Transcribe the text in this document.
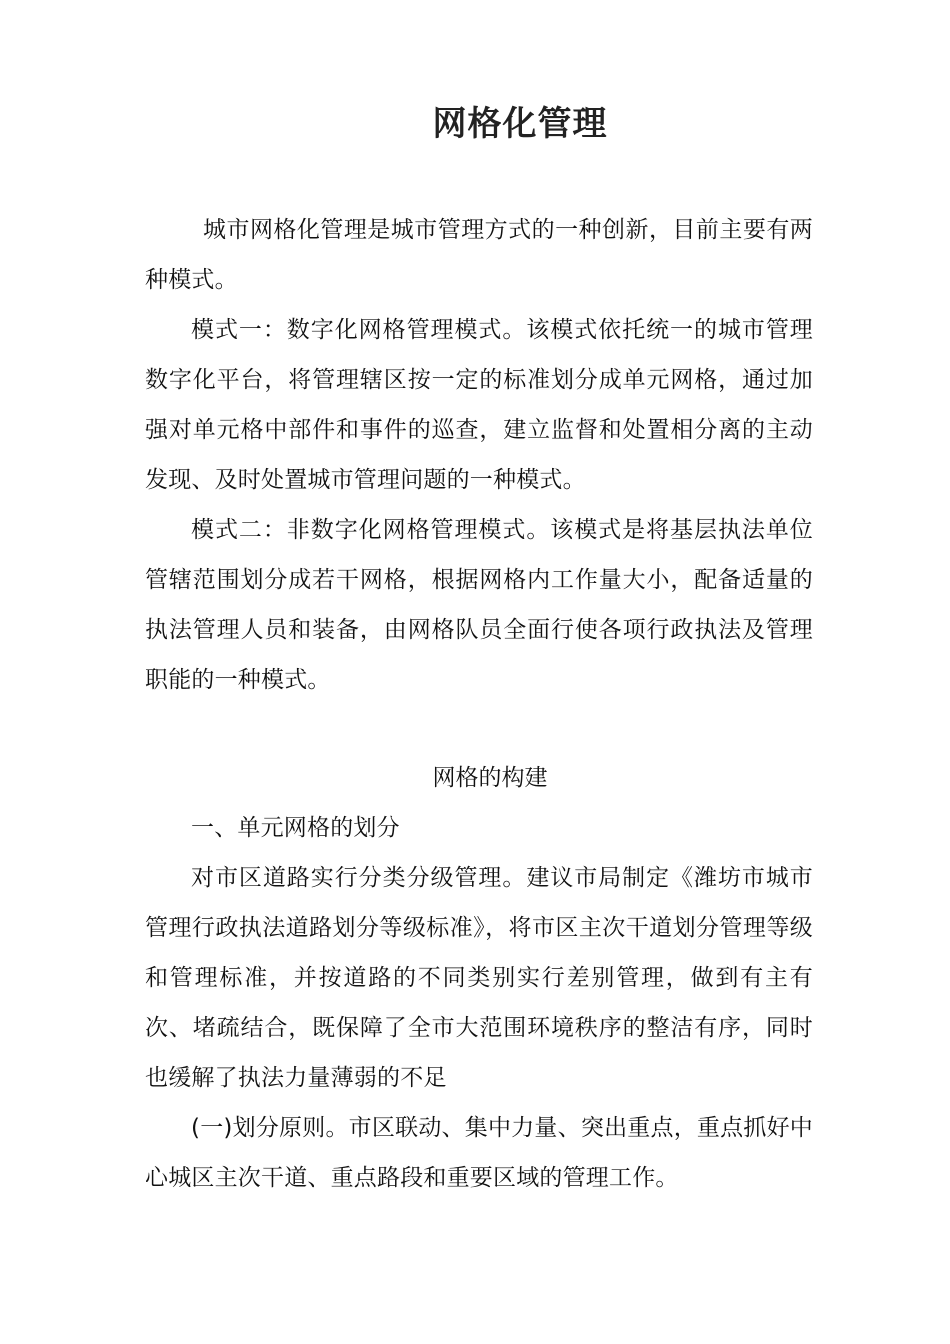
网格化管理

城市网格化管理是城市管理方式的一种创新，目前主要有两种模式。

模式一：数字化网格管理模式。该模式依托统一的城市管理数字化平台，将管理辖区按一定的标准划分成单元网格，通过加强对单元格中部件和事件的巡查，建立监督和处置相分离的主动发现、及时处置城市管理问题的一种模式。

模式二：非数字化网格管理模式。该模式是将基层执法单位管辖范围划分成若干网格，根据网格内工作量大小，配备适量的执法管理人员和装备，由网格队员全面行使各项行政执法及管理职能的一种模式。

网格的构建

一、单元网格的划分

对市区道路实行分类分级管理。建议市局制定《潍坊市城市管理行政执法道路划分等级标准》，将市区主次干道划分管理等级和管理标准，并按道路的不同类别实行差别管理，做到有主有次、堵疏结合，既保障了全市大范围环境秩序的整洁有序，同时也缓解了执法力量薄弱的不足

(一)划分原则。市区联动、集中力量、突出重点，重点抓好中心城区主次干道、重点路段和重要区域的管理工作。
